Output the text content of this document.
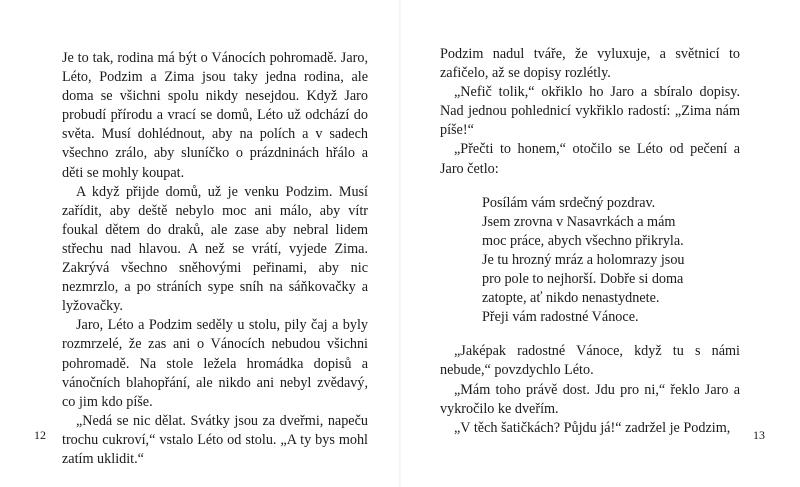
Je to tak, rodina má být o Vánocích pohromadě. Jaro, Léto, Podzim a Zima jsou taky jedna rodina, ale doma se všichni spolu nikdy nesejdou. Když Jaro probudí přírodu a vrací se domů, Léto už odchází do světa. Musí dohlédnout, aby na polích a v sadech všechno zrálo, aby sluníčko o prázdninách hřálo a děti se mohly koupat.

A když přijde domů, už je venku Podzim. Musí zařídit, aby deště nebylo moc ani málo, aby vítr foukal dětem do draků, ale zase aby nebral lidem střechu nad hlavou. A než se vrátí, vyjede Zima. Zakrývá všechno sněhovými peřinami, aby nic nezmrzlo, a po stráních sype sníh na sáňkovačky a lyžovačky.

Jaro, Léto a Podzim seděly u stolu, pily čaj a byly rozmrzelé, že zas ani o Vánocích nebudou všichni pohromadě. Na stole ležela hromádka dopisů a vánočních blahopřání, ale nikdo ani nebyl zvědavý, co jim kdo píše.

„Nedá se nic dělat. Svátky jsou za dveřmi, napeču trochu cukroví,“ vstalo Léto od stolu. „A ty bys mohl zatím uklidit.“

12

Podzim nadul tváře, že vyluxuje, a světnicí to zafičelo, až se dopisy rozlétly.

„Nefič tolik,“ okřiklo ho Jaro a sbíralo dopisy. Nad jednou pohlednicí vykřiklo radostí: „Zima nám píše!“

„Přečti to honem,“ otočilo se Léto od pečení a Jaro četlo:

Posílám vám srdečný pozdrav.
Jsem zrovna v Nasavrkách a mám
moc práce, abych všechno přikryla.
Je tu hrozný mráz a holomrazy jsou
pro pole to nejhorší. Dobře si doma
zatopte, ať nikdo nenastydnete.
Přeji vám radostné Vánoce.

„Jaképak radostné Vánoce, když tu s námi nebude,“ povzdychlo Léto.

„Mám toho právě dost. Jdu pro ni,“ řeklo Jaro a vykročilo ke dveřím.

„V těch šatičkách? Půjdu já!“ zadržel je Podzim,	13
